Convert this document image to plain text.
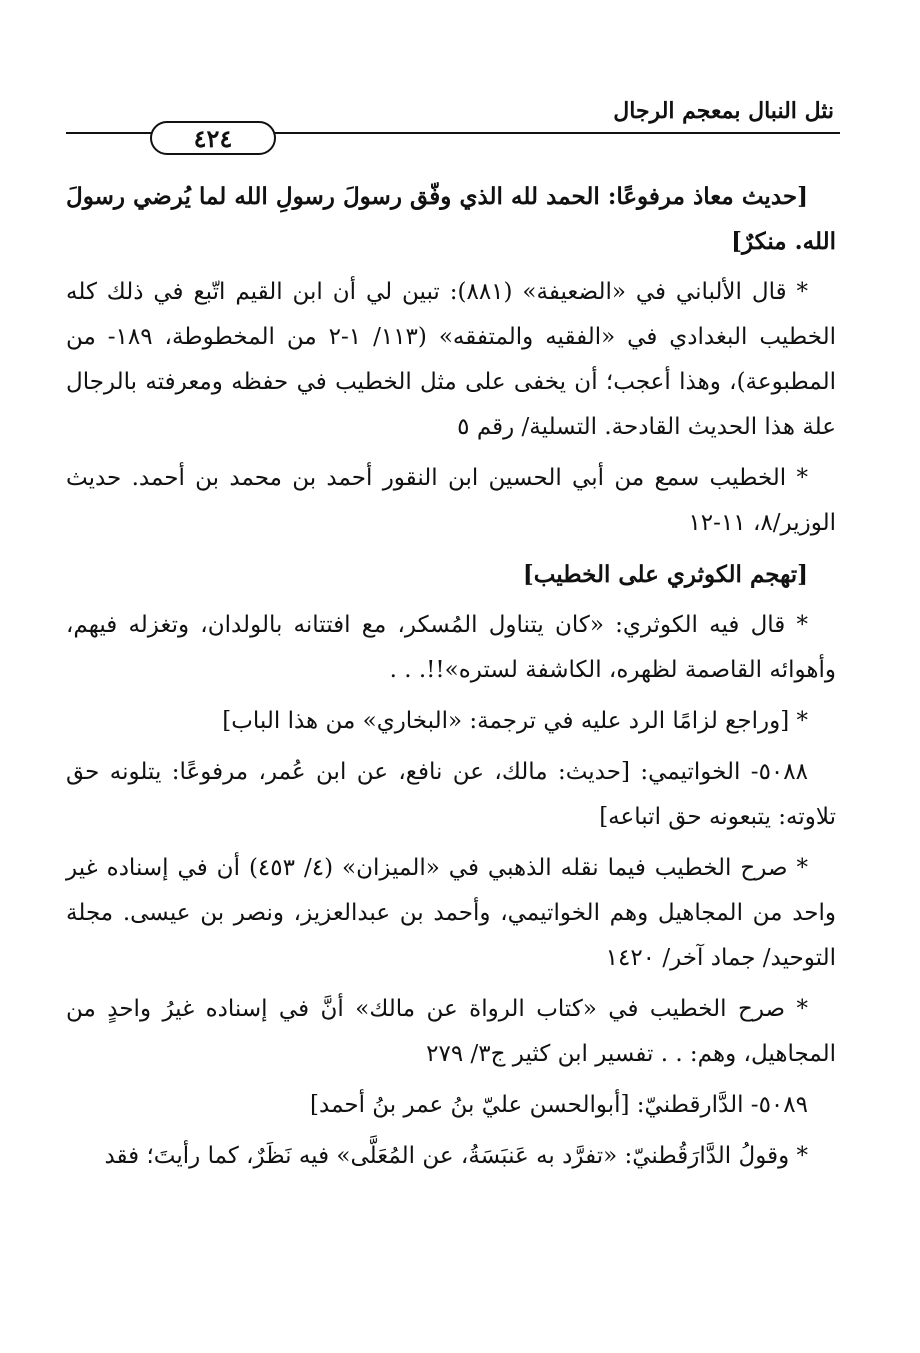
نثل النبال بمعجم الرجال
٤٢٤

[حديث معاذ مرفوعًا: الحمد لله الذي وفّق رسولَ رسولِ الله لما يُرضي رسولَ الله. منكرٌ]

* قال الألباني في «الضعيفة» (٨٨١): تبين لي أن ابن القيم اتّبع في ذلك كله الخطيب البغدادي في «الفقيه والمتفقه» (١١٣/ ١-٢ من المخطوطة، ١٨٩- من المطبوعة)، وهذا أعجب؛ أن يخفى على مثل الخطيب في حفظه ومعرفته بالرجال علة هذا الحديث القادحة. التسلية/ رقم ٥

* الخطيب سمع من أبي الحسين ابن النقور أحمد بن محمد بن أحمد. حديث الوزير/٨، ١١-١٢

[تهجم الكوثري على الخطيب]

* قال فيه الكوثري: «كان يتناول المُسكر، مع افتتانه بالولدان، وتغزله فيهم، وأهوائه القاصمة لظهره، الكاشفة لستره»!!. . .

* [وراجع لزامًا الرد عليه في ترجمة: «البخاري» من هذا الباب]

٥٠٨٨- الخواتيمي: [حديث: مالك، عن نافع، عن ابن عُمر، مرفوعًا: يتلونه حق تلاوته: يتبعونه حق اتباعه]

* صرح الخطيب فيما نقله الذهبي في «الميزان» (٤/ ٤٥٣) أن في إسناده غير واحد من المجاهيل وهم الخواتيمي، وأحمد بن عبدالعزيز، ونصر بن عيسى. مجلة التوحيد/ جماد آخر/ ١٤٢٠

* صرح الخطيب في «كتاب الرواة عن مالك» أنَّ في إسناده غيرُ واحدٍ من المجاهيل، وهم: . . تفسير ابن كثير ج٣/ ٢٧٩

٥٠٨٩- الدَّارقطنيّ: [أبوالحسن عليّ بنُ عمر بنُ أحمد]

* وقولُ الدَّارَقُطنيّ: «تفرَّد به عَنبَسَةُ، عن المُعَلَّى» فيه نَظَرٌ، كما رأيتَ؛ فقد
